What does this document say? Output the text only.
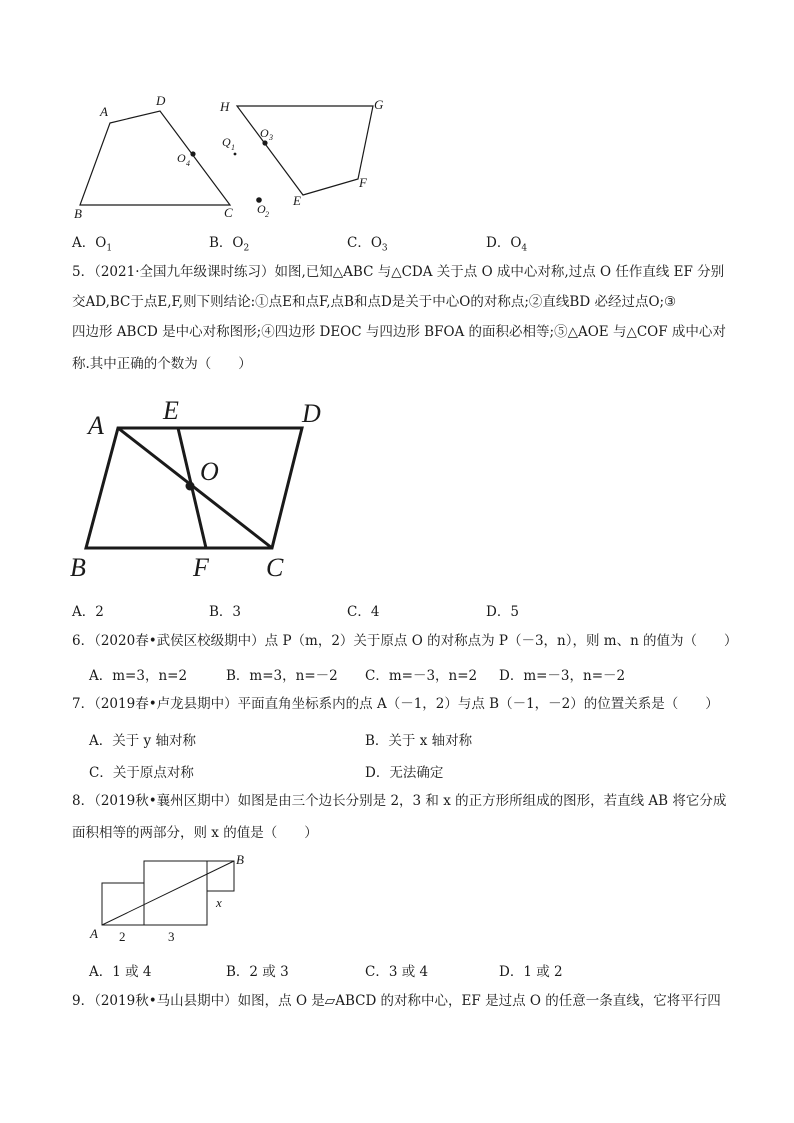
A
D
B	C
O 4
H	G
F
E
O 3
Q 1
O 2
A．$O_1$	B．$O_2$	C．$O_3$	D．$O_4$
5．（2021·全国九年级课时练习）如图,已知△ABC 与△CDA 关于点 O 成中心对称,过点 O 任作直线 EF 分别
交AD,BC于点E,F,则下则结论:①点E和点F,点B和点D是关于中心O的对称点;②直线BD 必经过点O;③
四边形 ABCD 是中心对称图形;④四边形 DEOC 与四边形 BFOA 的面积必相等;⑤△AOE 与△COF 成中心对
称.其中正确的个数为（　　）
A
E	D
O
B	F C
A．2	B．3	C．4	D．5
6．（2020春•武侯区校级期中）点 P（m，2）关于原点 O 的对称点为 P（－3，n），则 m、n 的值为（　　）
A．m=3，n=2	B．m=3，n=－2 C．m=－3，n=2 D．m=－3，n=－2
7．（2019春•卢龙县期中）平面直角坐标系内的点 A（－1，2）与点 B（－1，－2）的位置关系是（　　）
A．关于 y 轴对称	B．关于 x 轴对称
C．关于原点对称	D．无法确定
8．（2019秋•襄州区期中）如图是由三个边长分别是 2，3 和 x 的正方形所组成的图形，若直线 AB 将它分成
面积相等的两部分，则 x 的值是（　　）
A
B
x
2	3
A．1 或 4	B．2 或 3	C．3 或 4	D．1 或 2
9．（2019秋•马山县期中）如图，点 O 是▱ABCD 的对称中心，EF 是过点 O 的任意一条直线，它将平行四
